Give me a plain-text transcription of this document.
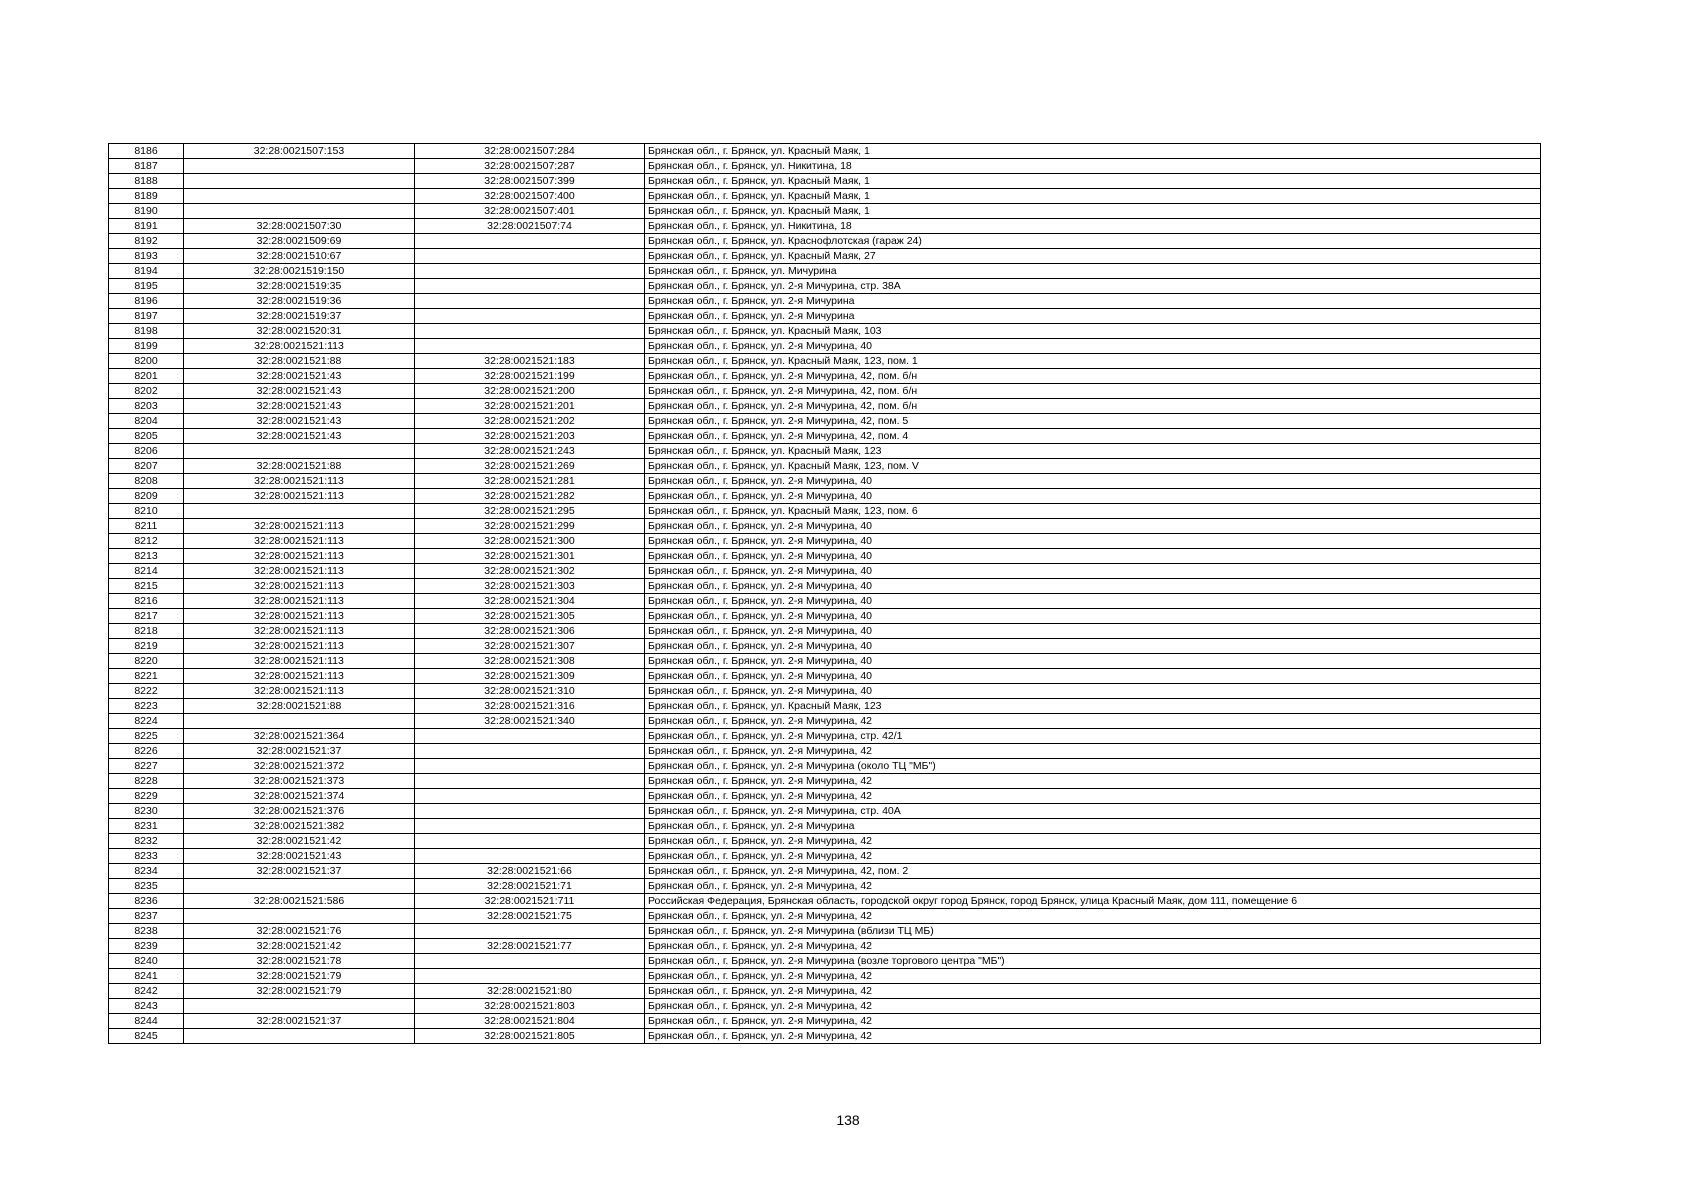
8186	32:28:0021507:153	32:28:0021507:284	Брянская обл., г. Брянск, ул. Красный Маяк, 1
8187		32:28:0021507:287	Брянская обл., г. Брянск, ул. Никитина, 18
8188		32:28:0021507:399	Брянская обл., г. Брянск, ул. Красный Маяк, 1
8189		32:28:0021507:400	Брянская обл., г. Брянск, ул. Красный Маяк, 1
8190		32:28:0021507:401	Брянская обл., г. Брянск, ул. Красный Маяк, 1
8191	32:28:0021507:30	32:28:0021507:74	Брянская обл., г. Брянск, ул. Никитина, 18
8192	32:28:0021509:69		Брянская обл., г. Брянск, ул. Краснофлотская (гараж 24)
8193	32:28:0021510:67		Брянская обл., г. Брянск, ул. Красный Маяк, 27
8194	32:28:0021519:150		Брянская обл., г. Брянск, ул. Мичурина
8195	32:28:0021519:35		Брянская обл., г. Брянск, ул. 2-я Мичурина, стр. 38А
8196	32:28:0021519:36		Брянская обл., г. Брянск, ул. 2-я Мичурина
8197	32:28:0021519:37		Брянская обл., г. Брянск, ул. 2-я Мичурина
8198	32:28:0021520:31		Брянская обл., г. Брянск, ул. Красный Маяк, 103
8199	32:28:0021521:113		Брянская обл., г. Брянск, ул. 2-я Мичурина, 40
8200	32:28:0021521:88	32:28:0021521:183	Брянская обл., г. Брянск, ул. Красный Маяк, 123, пом. 1
8201	32:28:0021521:43	32:28:0021521:199	Брянская обл., г. Брянск, ул. 2-я Мичурина, 42, пом. б/н
8202	32:28:0021521:43	32:28:0021521:200	Брянская обл., г. Брянск, ул. 2-я Мичурина, 42, пом. б/н
8203	32:28:0021521:43	32:28:0021521:201	Брянская обл., г. Брянск, ул. 2-я Мичурина, 42, пом. б/н
8204	32:28:0021521:43	32:28:0021521:202	Брянская обл., г. Брянск, ул. 2-я Мичурина, 42, пом. 5
8205	32:28:0021521:43	32:28:0021521:203	Брянская обл., г. Брянск, ул. 2-я Мичурина, 42, пом. 4
8206		32:28:0021521:243	Брянская обл., г. Брянск, ул. Красный Маяк, 123
8207	32:28:0021521:88	32:28:0021521:269	Брянская обл., г. Брянск, ул. Красный Маяк, 123, пом. V
8208	32:28:0021521:113	32:28:0021521:281	Брянская обл., г. Брянск, ул. 2-я Мичурина, 40
8209	32:28:0021521:113	32:28:0021521:282	Брянская обл., г. Брянск, ул. 2-я Мичурина, 40
8210		32:28:0021521:295	Брянская обл., г. Брянск, ул. Красный Маяк, 123, пом. 6
8211	32:28:0021521:113	32:28:0021521:299	Брянская обл., г. Брянск, ул. 2-я Мичурина, 40
8212	32:28:0021521:113	32:28:0021521:300	Брянская обл., г. Брянск, ул. 2-я Мичурина, 40
8213	32:28:0021521:113	32:28:0021521:301	Брянская обл., г. Брянск, ул. 2-я Мичурина, 40
8214	32:28:0021521:113	32:28:0021521:302	Брянская обл., г. Брянск, ул. 2-я Мичурина, 40
8215	32:28:0021521:113	32:28:0021521:303	Брянская обл., г. Брянск, ул. 2-я Мичурина, 40
8216	32:28:0021521:113	32:28:0021521:304	Брянская обл., г. Брянск, ул. 2-я Мичурина, 40
8217	32:28:0021521:113	32:28:0021521:305	Брянская обл., г. Брянск, ул. 2-я Мичурина, 40
8218	32:28:0021521:113	32:28:0021521:306	Брянская обл., г. Брянск, ул. 2-я Мичурина, 40
8219	32:28:0021521:113	32:28:0021521:307	Брянская обл., г. Брянск, ул. 2-я Мичурина, 40
8220	32:28:0021521:113	32:28:0021521:308	Брянская обл., г. Брянск, ул. 2-я Мичурина, 40
8221	32:28:0021521:113	32:28:0021521:309	Брянская обл., г. Брянск, ул. 2-я Мичурина, 40
8222	32:28:0021521:113	32:28:0021521:310	Брянская обл., г. Брянск, ул. 2-я Мичурина, 40
8223	32:28:0021521:88	32:28:0021521:316	Брянская обл., г. Брянск, ул. Красный Маяк, 123
8224		32:28:0021521:340	Брянская обл., г. Брянск, ул. 2-я Мичурина, 42
8225	32:28:0021521:364		Брянская обл., г. Брянск, ул. 2-я Мичурина, стр. 42/1
8226	32:28:0021521:37		Брянская обл., г. Брянск, ул. 2-я Мичурина, 42
8227	32:28:0021521:372		Брянская обл., г. Брянск, ул. 2-я Мичурина (около ТЦ "МБ")
8228	32:28:0021521:373		Брянская обл., г. Брянск, ул. 2-я Мичурина, 42
8229	32:28:0021521:374		Брянская обл., г. Брянск, ул. 2-я Мичурина, 42
8230	32:28:0021521:376		Брянская обл., г. Брянск, ул. 2-я Мичурина, стр. 40А
8231	32:28:0021521:382		Брянская обл., г. Брянск, ул. 2-я Мичурина
8232	32:28:0021521:42		Брянская обл., г. Брянск, ул. 2-я Мичурина, 42
8233	32:28:0021521:43		Брянская обл., г. Брянск, ул. 2-я Мичурина, 42
8234	32:28:0021521:37	32:28:0021521:66	Брянская обл., г. Брянск, ул. 2-я Мичурина, 42, пом. 2
8235		32:28:0021521:71	Брянская обл., г. Брянск, ул. 2-я Мичурина, 42
8236	32:28:0021521:586	32:28:0021521:711	Российская Федерация, Брянская область, городской округ город Брянск, город Брянск, улица Красный Маяк, дом 111, помещение 6
8237		32:28:0021521:75	Брянская обл., г. Брянск, ул. 2-я Мичурина, 42
8238	32:28:0021521:76		Брянская обл., г. Брянск, ул. 2-я Мичурина (вблизи ТЦ МБ)
8239	32:28:0021521:42	32:28:0021521:77	Брянская обл., г. Брянск, ул. 2-я Мичурина, 42
8240	32:28:0021521:78		Брянская обл., г. Брянск, ул. 2-я Мичурина (возле торгового центра "МБ")
8241	32:28:0021521:79		Брянская обл., г. Брянск, ул. 2-я Мичурина, 42
8242	32:28:0021521:79	32:28:0021521:80	Брянская обл., г. Брянск, ул. 2-я Мичурина, 42
8243		32:28:0021521:803	Брянская обл., г. Брянск, ул. 2-я Мичурина, 42
8244	32:28:0021521:37	32:28:0021521:804	Брянская обл., г. Брянск, ул. 2-я Мичурина, 42
8245		32:28:0021521:805	Брянская обл., г. Брянск, ул. 2-я Мичурина, 42
138
